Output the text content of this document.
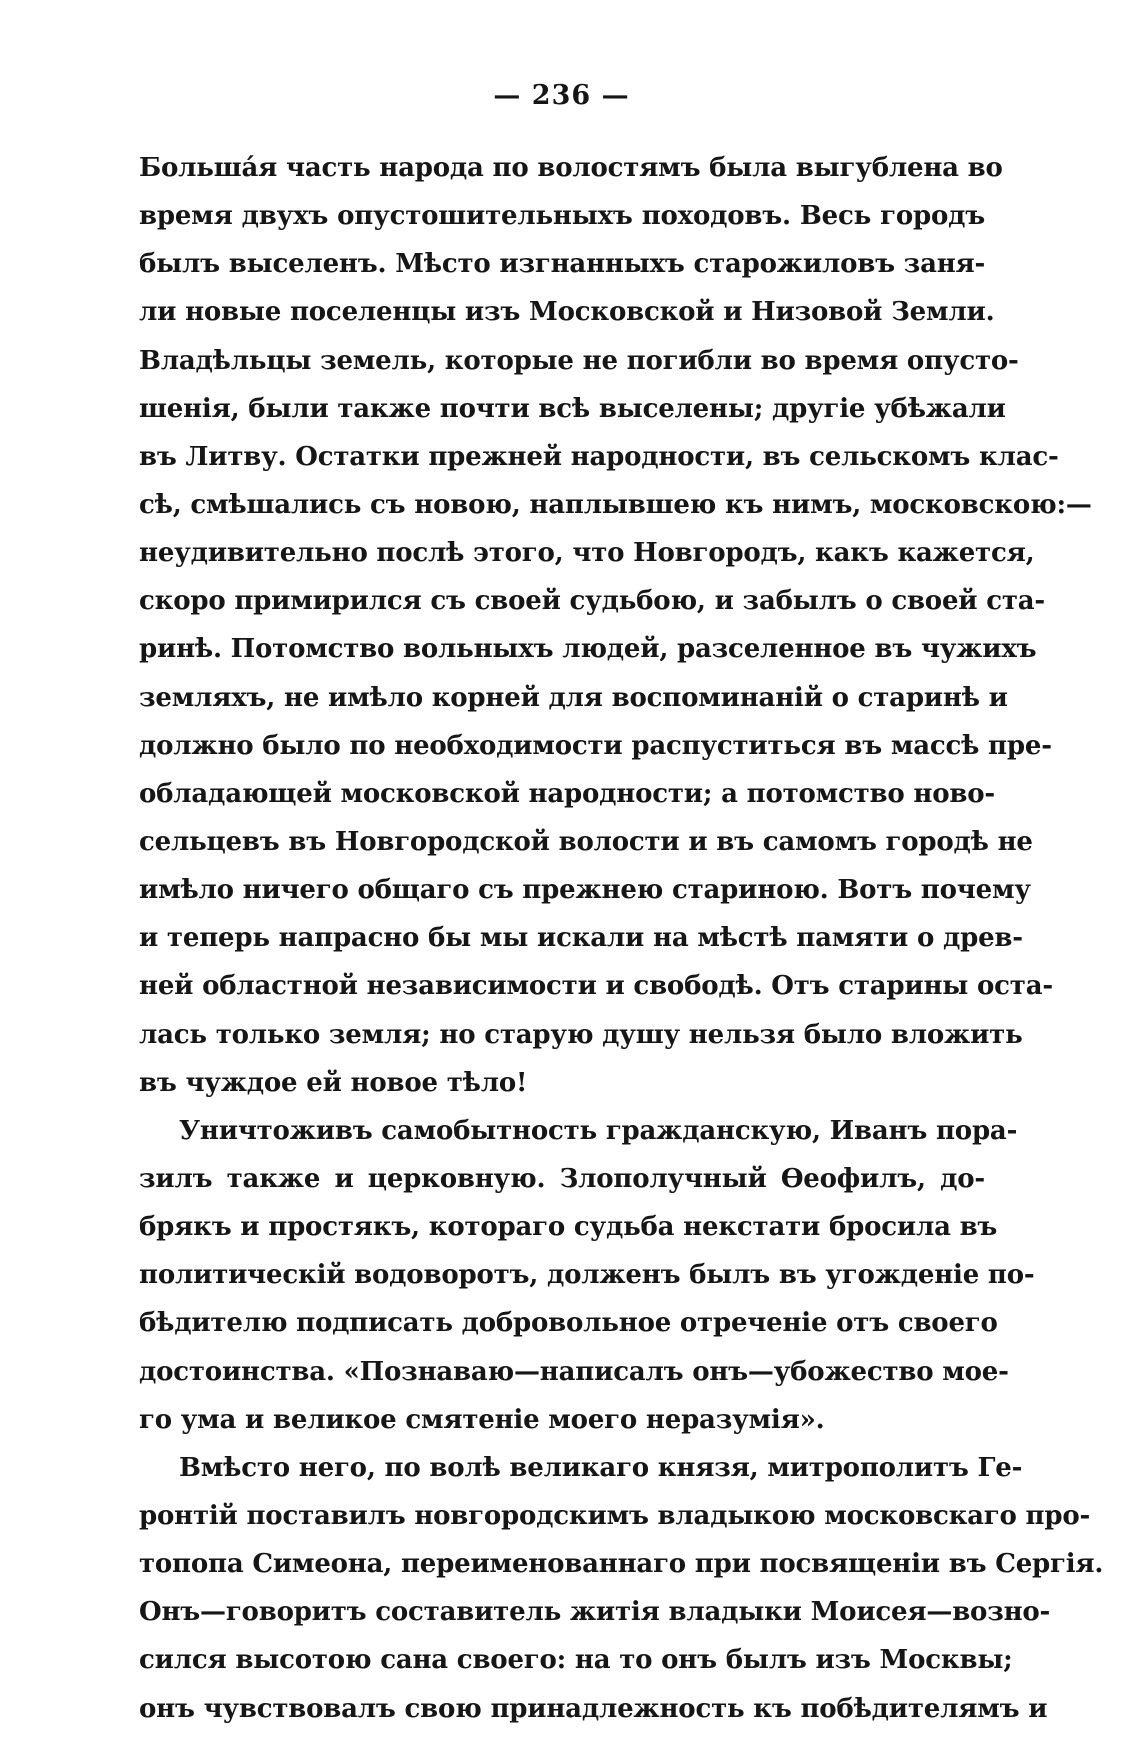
— 236 —
Большáя часть народа по волостямъ была выгублена во
время двухъ опустошительныхъ походовъ. Весь городъ
былъ выселенъ. Мѣсто изгнанныхъ старожиловъ заня-
ли новые поселенцы изъ Московской и Низовой Земли.
Владѣльцы земель, которые не погибли во время опусто-
шенія, были также почти всѣ выселены; другіе убѣжали
въ Литву. Остатки прежней народности, въ сельскомъ клас-
сѣ, смѣшались съ новою, наплывшею къ нимъ, московскою:—
неудивительно послѣ этого, что Новгородъ, какъ кажется,
скоро примирился съ своей судьбою, и забылъ о своей ста-
ринѣ. Потомство вольныхъ людей, разселенное въ чужихъ
земляхъ, не имѣло корней для воспоминаній о старинѣ и
должно было по необходимости распуститься въ массѣ пре-
обладающей московской народности; а потомство ново-
сельцевъ въ Новгородской волости и въ самомъ городѣ не
имѣло ничего общаго съ прежнею стариною. Вотъ почему
и теперь напрасно бы мы искали на мѣстѣ памяти о древ-
ней областной независимости и свободѣ. Отъ старины оста-
лась только земля; но старую душу нельзя было вложить
въ чуждое ей новое тѣло!
Уничтоживъ самобытность гражданскую, Иванъ пора-
зилъ также и церковную. Злополучный Ѳеофилъ, до-
брякъ и простякъ, котораго судьба некстати бросила въ
политическій водоворотъ, долженъ былъ въ угожденіе по-
бѣдителю подписать добровольное отреченіе отъ своего
достоинства. «Познаваю—написалъ онъ—убожество мое-
го ума и великое смятеніе моего неразумія».
Вмѣсто него, по волѣ великаго князя, митрополитъ Ге-
ронтій поставилъ новгородскимъ владыкою московскаго про-
топопа Симеона, переименованнаго при посвященіи въ Сергія.
Онъ—говоритъ составитель житія владыки Моисея—возно-
сился высотою сана своего: на то онъ былъ изъ Москвы;
онъ чувствовалъ свою принадлежность къ побѣдителямъ и
